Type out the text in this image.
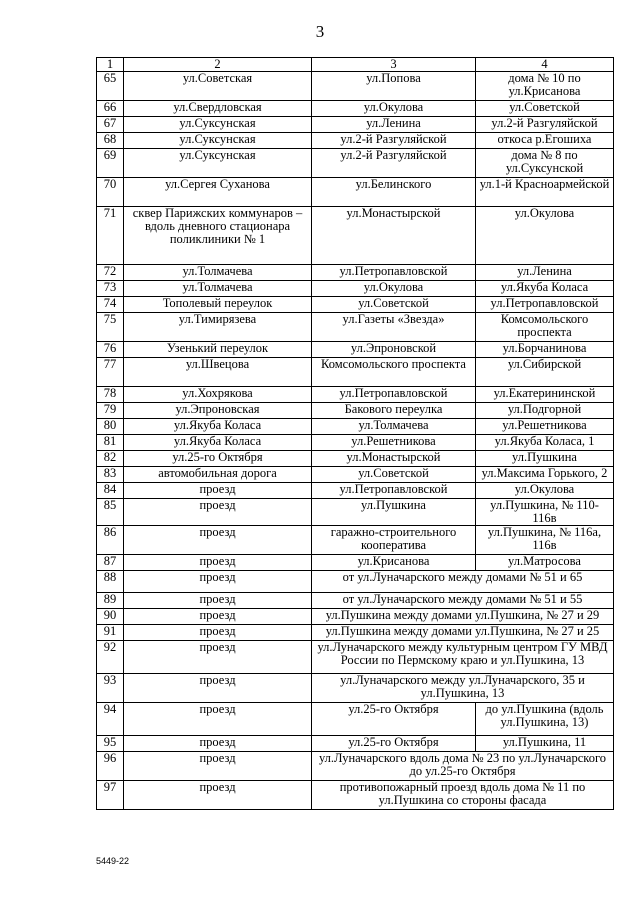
3
1	2	3	4
65	ул.Советская	ул.Попова	дома № 10 по ул.Крисанова
66	ул.Свердловская	ул.Окулова	ул.Советской
67	ул.Суксунская	ул.Ленина	ул.2-й Разгуляйской
68	ул.Суксунская	ул.2-й Разгуляйской	откоса р.Егошиха
69	ул.Суксунская	ул.2-й Разгуляйской	дома № 8 по ул.Суксунской
70	ул.Сергея Суханова	ул.Белинского	ул.1-й Красноармейской
71	сквер Парижских коммунаров – вдоль дневного стационара поликлиники № 1	ул.Монастырской	ул.Окулова
72	ул.Толмачева	ул.Петропавловской	ул.Ленина
73	ул.Толмачева	ул.Окулова	ул.Якуба Коласа
74	Тополевый переулок	ул.Советской	ул.Петропавловской
75	ул.Тимирязева	ул.Газеты «Звезда»	Комсомольского проспекта
76	Узенький переулок	ул.Эпроновской	ул.Борчанинова
77	ул.Швецова	Комсомольского проспекта	ул.Сибирской
78	ул.Хохрякова	ул.Петропавловской	ул.Екатерининской
79	ул.Эпроновская	Бакового переулка	ул.Подгорной
80	ул.Якуба Коласа	ул.Толмачева	ул.Решетникова
81	ул.Якуба Коласа	ул.Решетникова	ул.Якуба Коласа, 1
82	ул.25-го Октября	ул.Монастырской	ул.Пушкина
83	автомобильная дорога	ул.Советской	ул.Максима Горького, 2
84	проезд	ул.Петропавловской	ул.Окулова
85	проезд	ул.Пушкина	ул.Пушкина, № 110-116в
86	проезд	гаражно-строительного кооператива	ул.Пушкина, № 116а, 116в
87	проезд	ул.Крисанова	ул.Матросова
88	проезд	от ул.Луначарского между домами № 51 и 65	
89	проезд	от ул.Луначарского между домами № 51 и 55	
90	проезд	ул.Пушкина между домами ул.Пушкина, № 27 и 29	
91	проезд	ул.Пушкина между домами ул.Пушкина, № 27 и 25	
92	проезд	ул.Луначарского между культурным центром ГУ МВД России по Пермскому краю и ул.Пушкина, 13	
93	проезд	ул.Луначарского между ул.Луначарского, 35 и ул.Пушкина, 13	
94	проезд	ул.25-го Октября	до ул.Пушкина (вдоль ул.Пушкина, 13)
95	проезд	ул.25-го Октября	ул.Пушкина, 11
96	проезд	ул.Луначарского вдоль дома № 23 по ул.Луначарского до ул.25-го Октября	
97	проезд	противопожарный проезд вдоль дома № 11 по ул.Пушкина со стороны фасада	
5449-22
